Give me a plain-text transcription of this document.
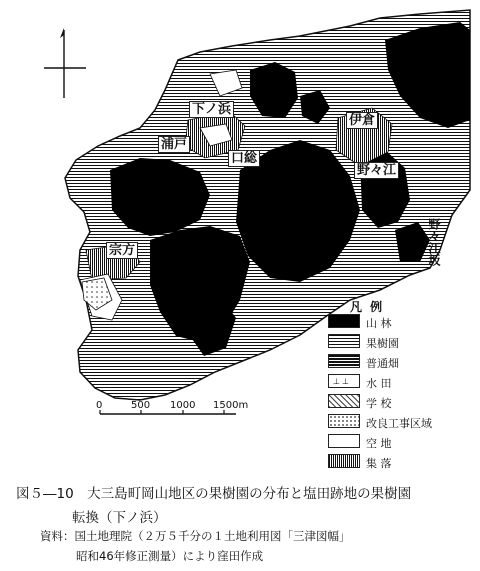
下ノ浜
浦戸
口総
伊倉
野々江
宗方	野々江坂
0	500 1000 1500m
凡 例
山 林
果樹園
普通畑
⊥⊥ 水 田
学 校
改良工事区域
空 地
集 落
図５―10　大三島町岡山地区の果樹園の分布と塩田跡地の果樹園
転換（下ノ浜）
資料：国土地理院（２万５千分の１土地利用図「三津図幅」
昭和46年修正測量）により窪田作成
